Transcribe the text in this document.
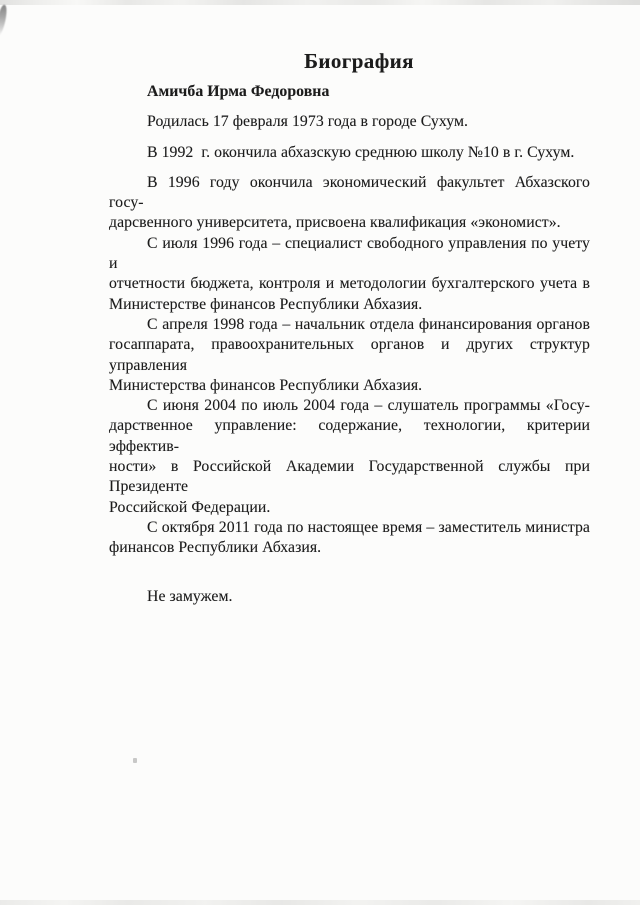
Биография
Амичба Ирма Федоровна
Родилась 17 февраля 1973 года в городе Сухум.
В 1992  г. окончила абхазскую среднюю школу №10 в г. Сухум.
В 1996 году окончила экономический факультет Абхазского госу-
дарсвенного университета, присвоена квалификация «экономист».
С июля 1996 года – специалист свободного управления по учету и
отчетности бюджета, контроля и методологии бухгалтерского учета в
Министерстве финансов Республики Абхазия.
С апреля 1998 года – начальник отдела финансирования органов
госаппарата, правоохранительных органов и других структур управления
Министерства финансов Республики Абхазия.
С июня 2004 по июль 2004 года – слушатель программы «Госу-
дарственное управление: содержание, технологии, критерии эффектив-
ности» в Российской Академии Государственной службы при Президенте
Российской Федерации.
С октября 2011 года по настоящее время – заместитель министра
финансов Республики Абхазия.
Не замужем.
